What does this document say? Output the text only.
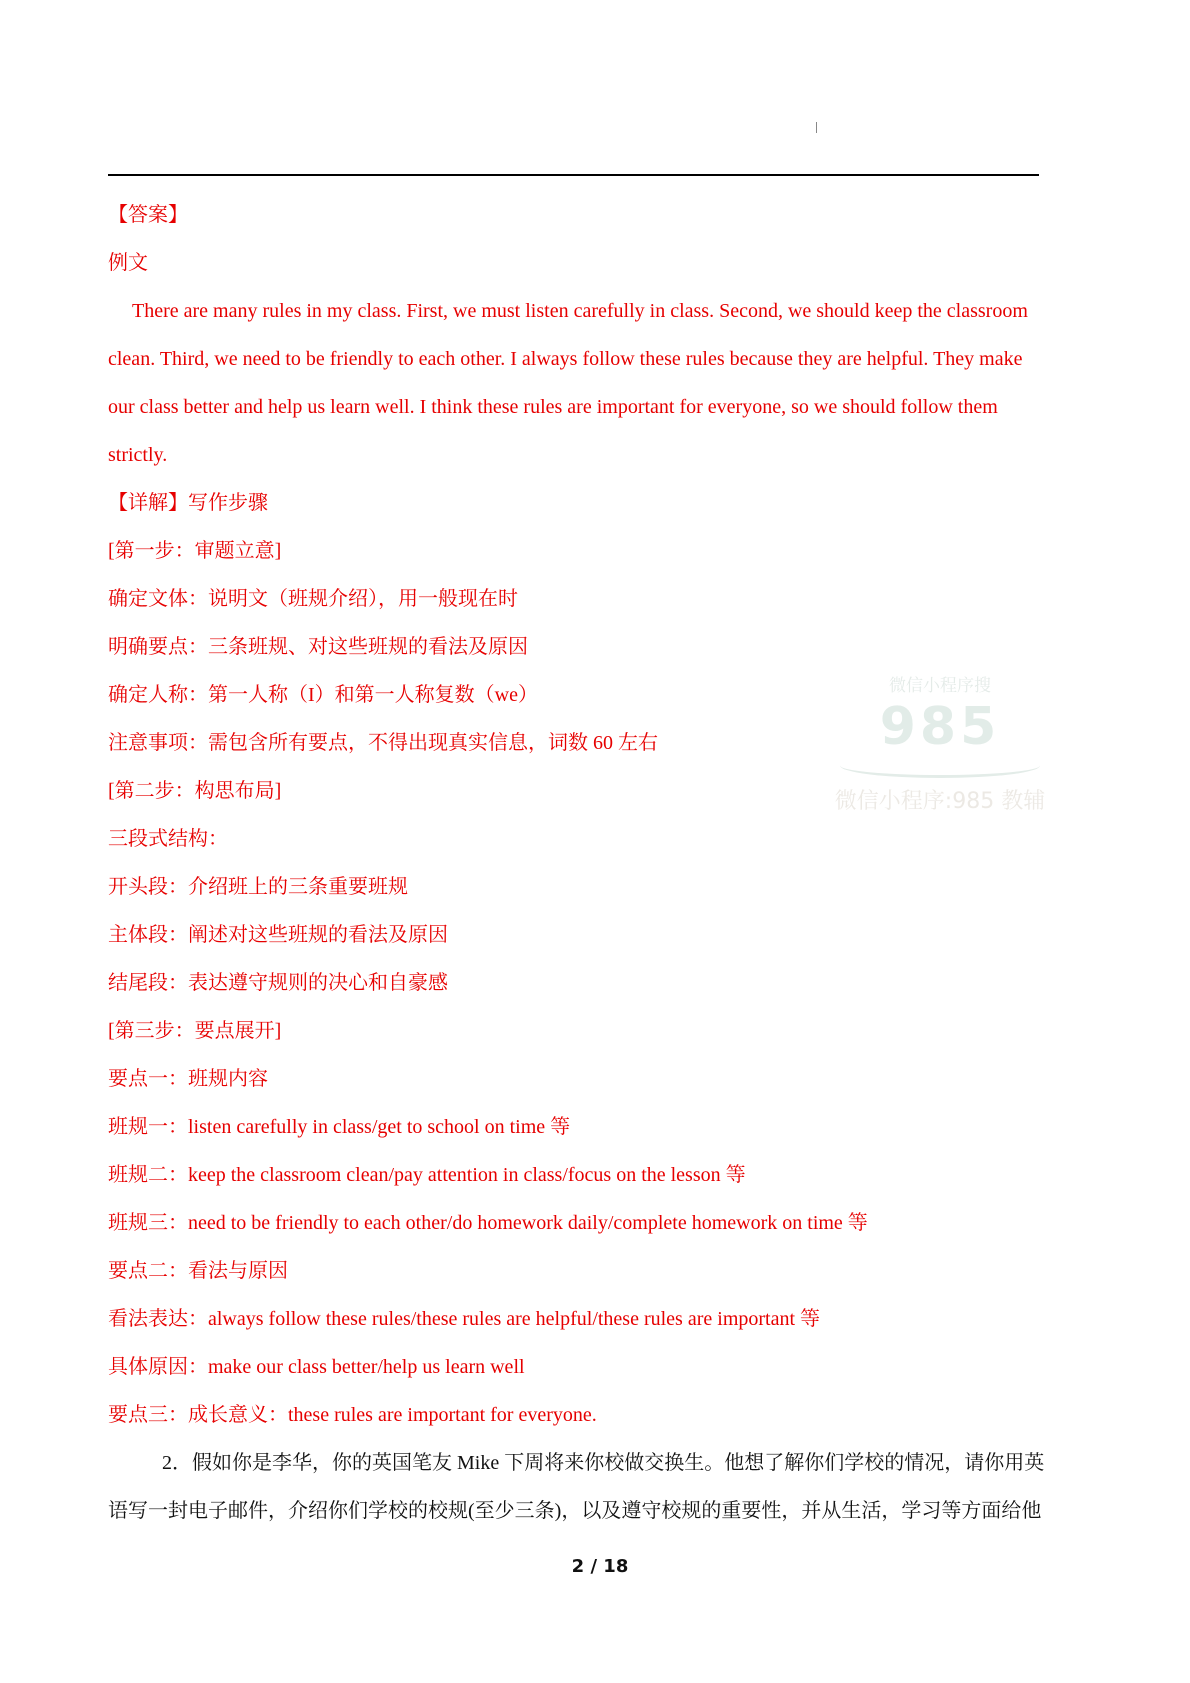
微信小程序搜
985
微信小程序:985 教辅
【答案】
例文
There are many rules in my class. First, we must listen carefully in class. Second, we should keep the classroom
clean. Third, we need to be friendly to each other. I always follow these rules because they are helpful. They make
our class better and help us learn well. I think these rules are important for everyone, so we should follow them
strictly.
【详解】写作步骤
[第一步：审题立意]
确定文体：说明文（班规介绍），用一般现在时
明确要点：三条班规、对这些班规的看法及原因
确定人称：第一人称（I）和第一人称复数（we）
注意事项：需包含所有要点，不得出现真实信息，词数 60 左右
[第二步：构思布局]
三段式结构：
开头段：介绍班上的三条重要班规
主体段：阐述对这些班规的看法及原因
结尾段：表达遵守规则的决心和自豪感
[第三步：要点展开]
要点一：班规内容
班规一：listen carefully in class/get to school on time 等
班规二：keep the classroom clean/pay attention in class/focus on the lesson 等
班规三：need to be friendly to each other/do homework daily/complete homework on time 等
要点二：看法与原因
看法表达：always follow these rules/these rules are helpful/these rules are important 等
具体原因：make our class better/help us learn well
要点三：成长意义：these rules are important for everyone.
2．假如你是李华，你的英国笔友 Mike 下周将来你校做交换生。他想了解你们学校的情况，请你用英
语写一封电子邮件，介绍你们学校的校规(至少三条)，以及遵守校规的重要性，并从生活，学习等方面给他
2 / 18
